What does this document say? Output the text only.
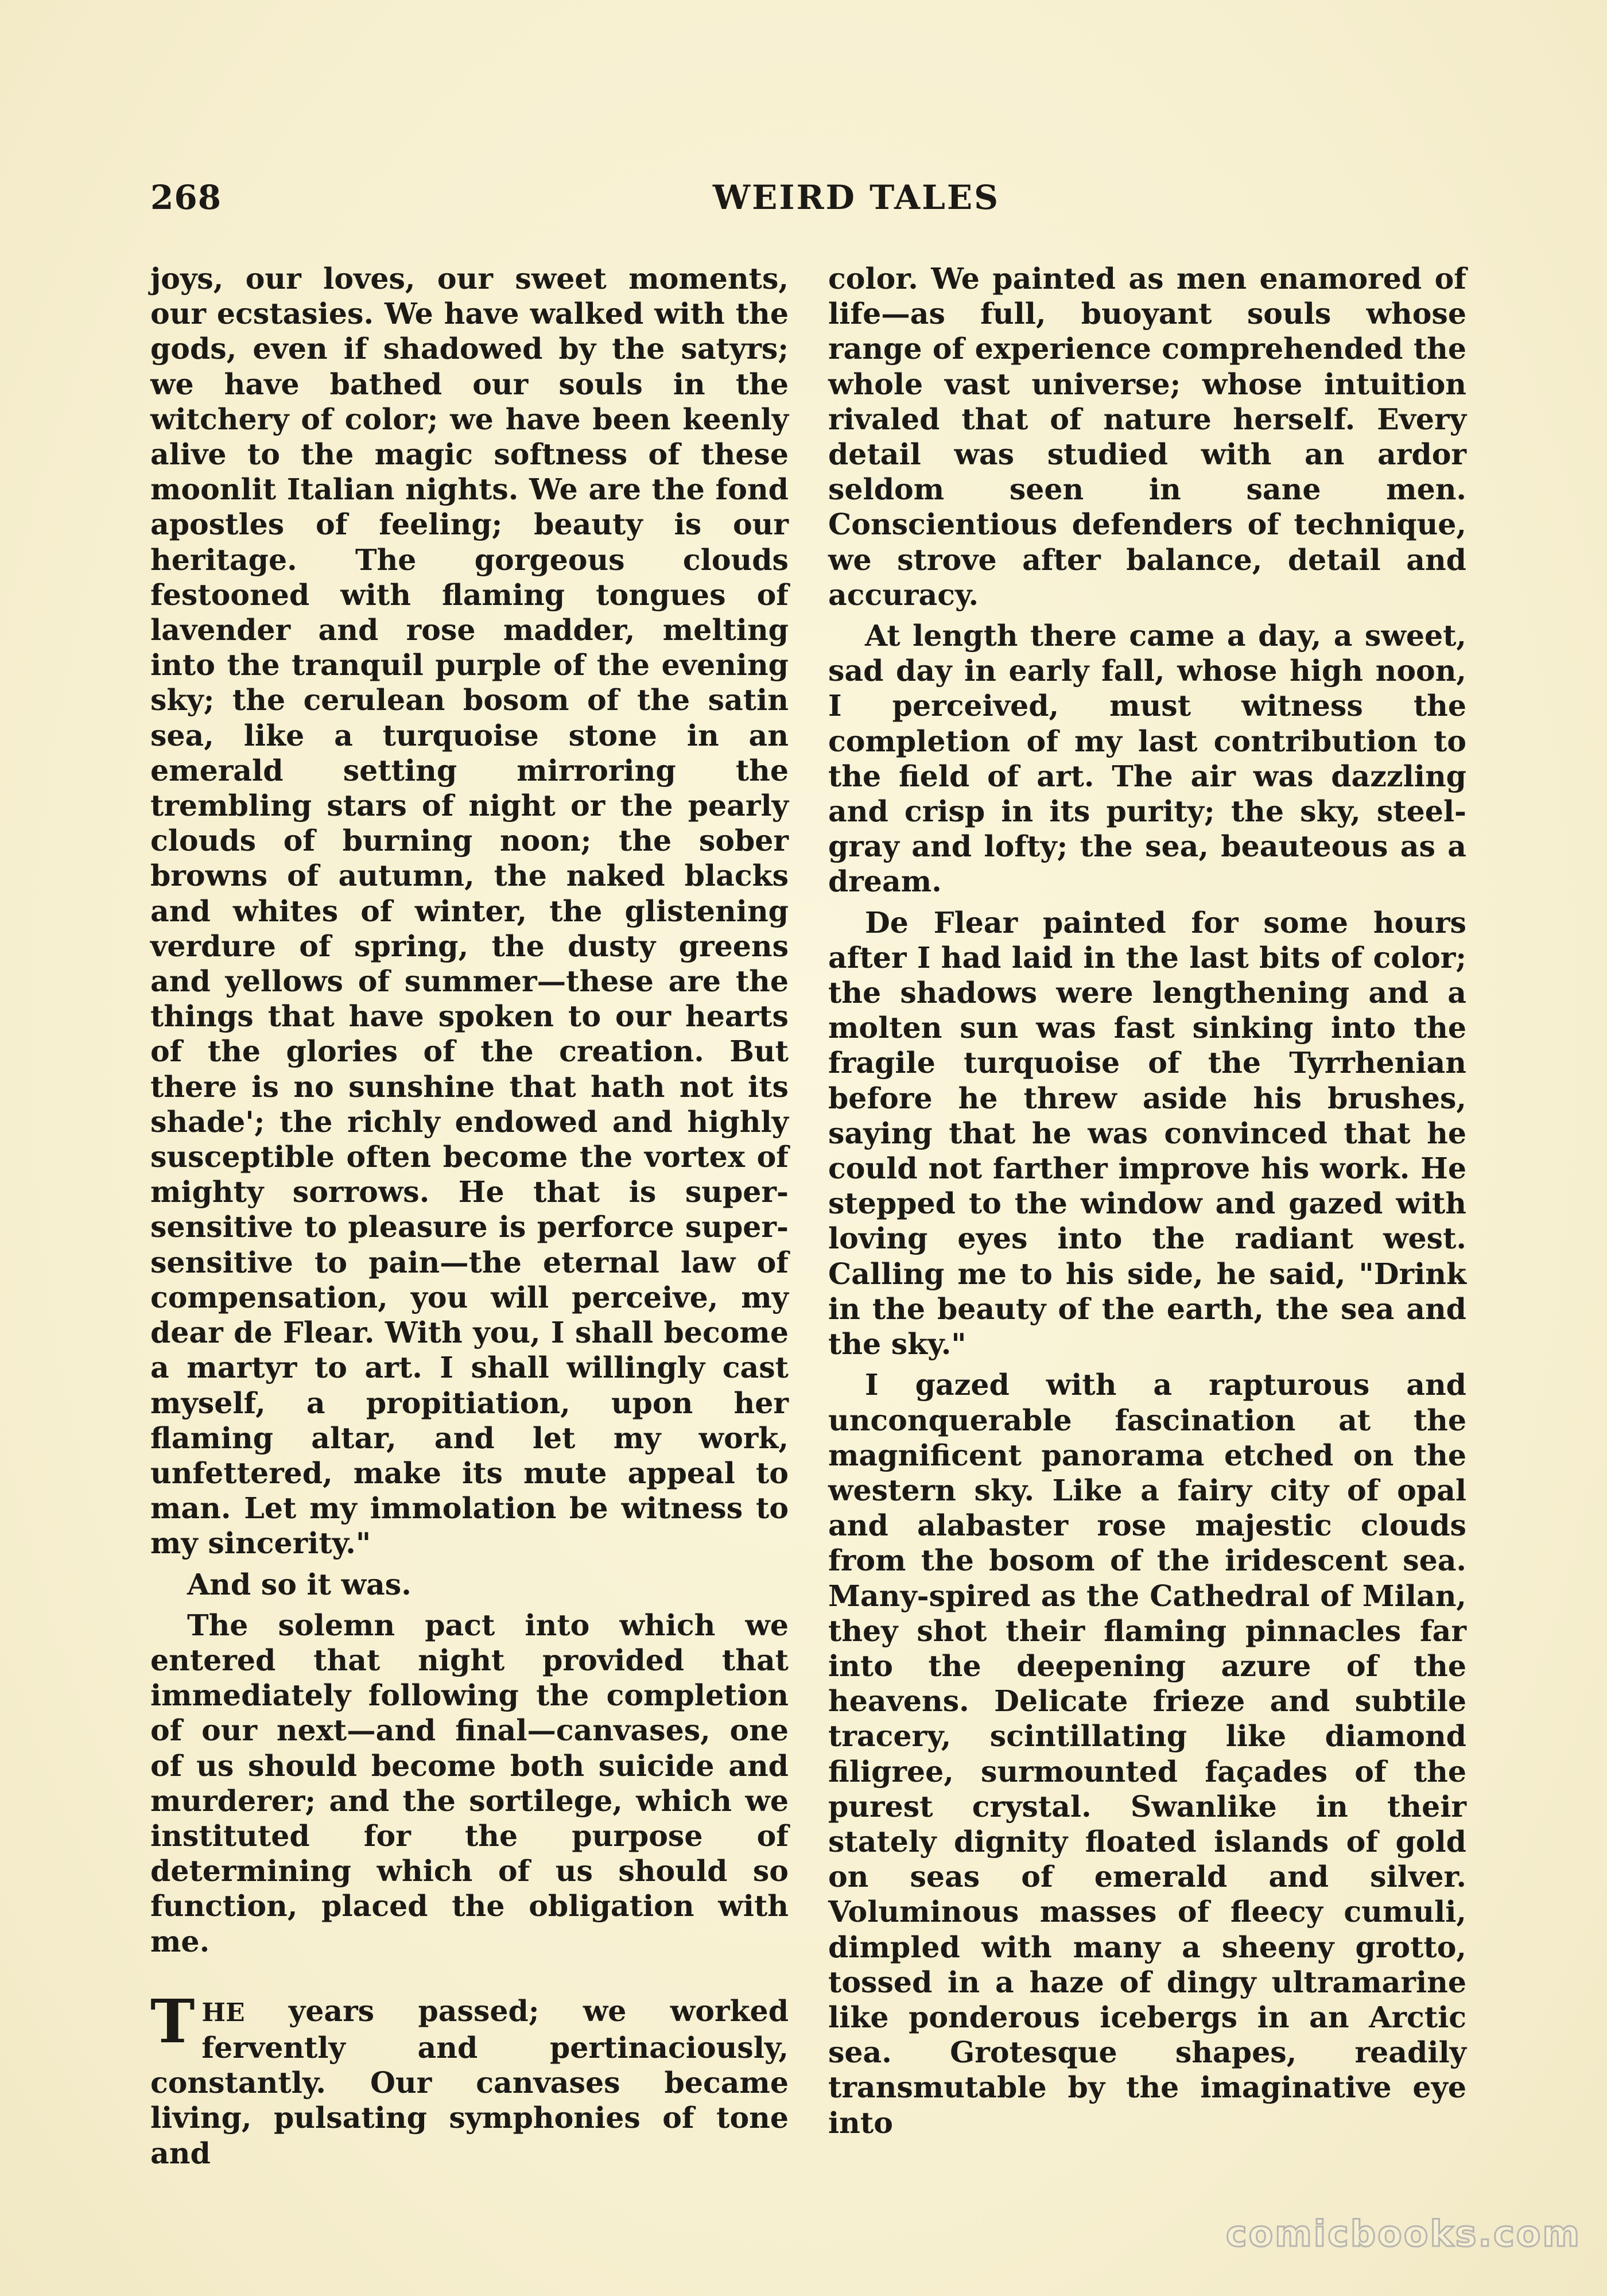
268	WEIRD TALES

joys, our loves, our sweet moments, our ecstasies. We have walked with the gods, even if shadowed by the satyrs; we have bathed our souls in the witchery of color; we have been keenly alive to the magic softness of these moonlit Italian nights. We are the fond apostles of feeling; beauty is our heritage. The gorgeous clouds festooned with flaming tongues of lavender and rose madder, melting into the tranquil purple of the evening sky; the cerulean bosom of the satin sea, like a turquoise stone in an emerald setting mirroring the trembling stars of night or the pearly clouds of burning noon; the sober browns of autumn, the naked blacks and whites of winter, the glistening verdure of spring, the dusty greens and yellows of summer—these are the things that have spoken to our hearts of the glories of the creation. But there is no sunshine that hath not its shade'; the richly endowed and highly susceptible often become the vortex of mighty sorrows. He that is super-sensitive to pleasure is perforce super-sensitive to pain—the eternal law of compensation, you will perceive, my dear de Flear. With you, I shall become a martyr to art. I shall willingly cast myself, a propitiation, upon her flaming altar, and let my work, unfettered, make its mute appeal to man. Let my immolation be witness to my sincerity."

And so it was.

The solemn pact into which we entered that night provided that immediately following the completion of our next—and final—canvases, one of us should become both suicide and murderer; and the sortilege, which we instituted for the purpose of determining which of us should so function, placed the obligation with me.

THE years passed; we worked fervently and pertinaciously, constantly. Our canvases became living, pulsating symphonies of tone and

color. We painted as men enamored of life—as full, buoyant souls whose range of experience comprehended the whole vast universe; whose intuition rivaled that of nature herself. Every detail was studied with an ardor seldom seen in sane men. Conscientious defenders of technique, we strove after balance, detail and accuracy.

At length there came a day, a sweet, sad day in early fall, whose high noon, I perceived, must witness the completion of my last contribution to the field of art. The air was dazzling and crisp in its purity; the sky, steel-gray and lofty; the sea, beauteous as a dream.

De Flear painted for some hours after I had laid in the last bits of color; the shadows were lengthening and a molten sun was fast sinking into the fragile turquoise of the Tyrrhenian before he threw aside his brushes, saying that he was convinced that he could not farther improve his work. He stepped to the window and gazed with loving eyes into the radiant west. Calling me to his side, he said, "Drink in the beauty of the earth, the sea and the sky."

I gazed with a rapturous and unconquerable fascination at the magnificent panorama etched on the western sky. Like a fairy city of opal and alabaster rose majestic clouds from the bosom of the iridescent sea. Many-spired as the Cathedral of Milan, they shot their flaming pinnacles far into the deepening azure of the heavens. Delicate frieze and subtile tracery, scintillating like diamond filigree, surmounted façades of the purest crystal. Swanlike in their stately dignity floated islands of gold on seas of emerald and silver. Voluminous masses of fleecy cumuli, dimpled with many a sheeny grotto, tossed in a haze of dingy ultramarine like ponderous icebergs in an Arctic sea. Grotesque shapes, readily transmutable by the imaginative eye into

comicbooks.com
